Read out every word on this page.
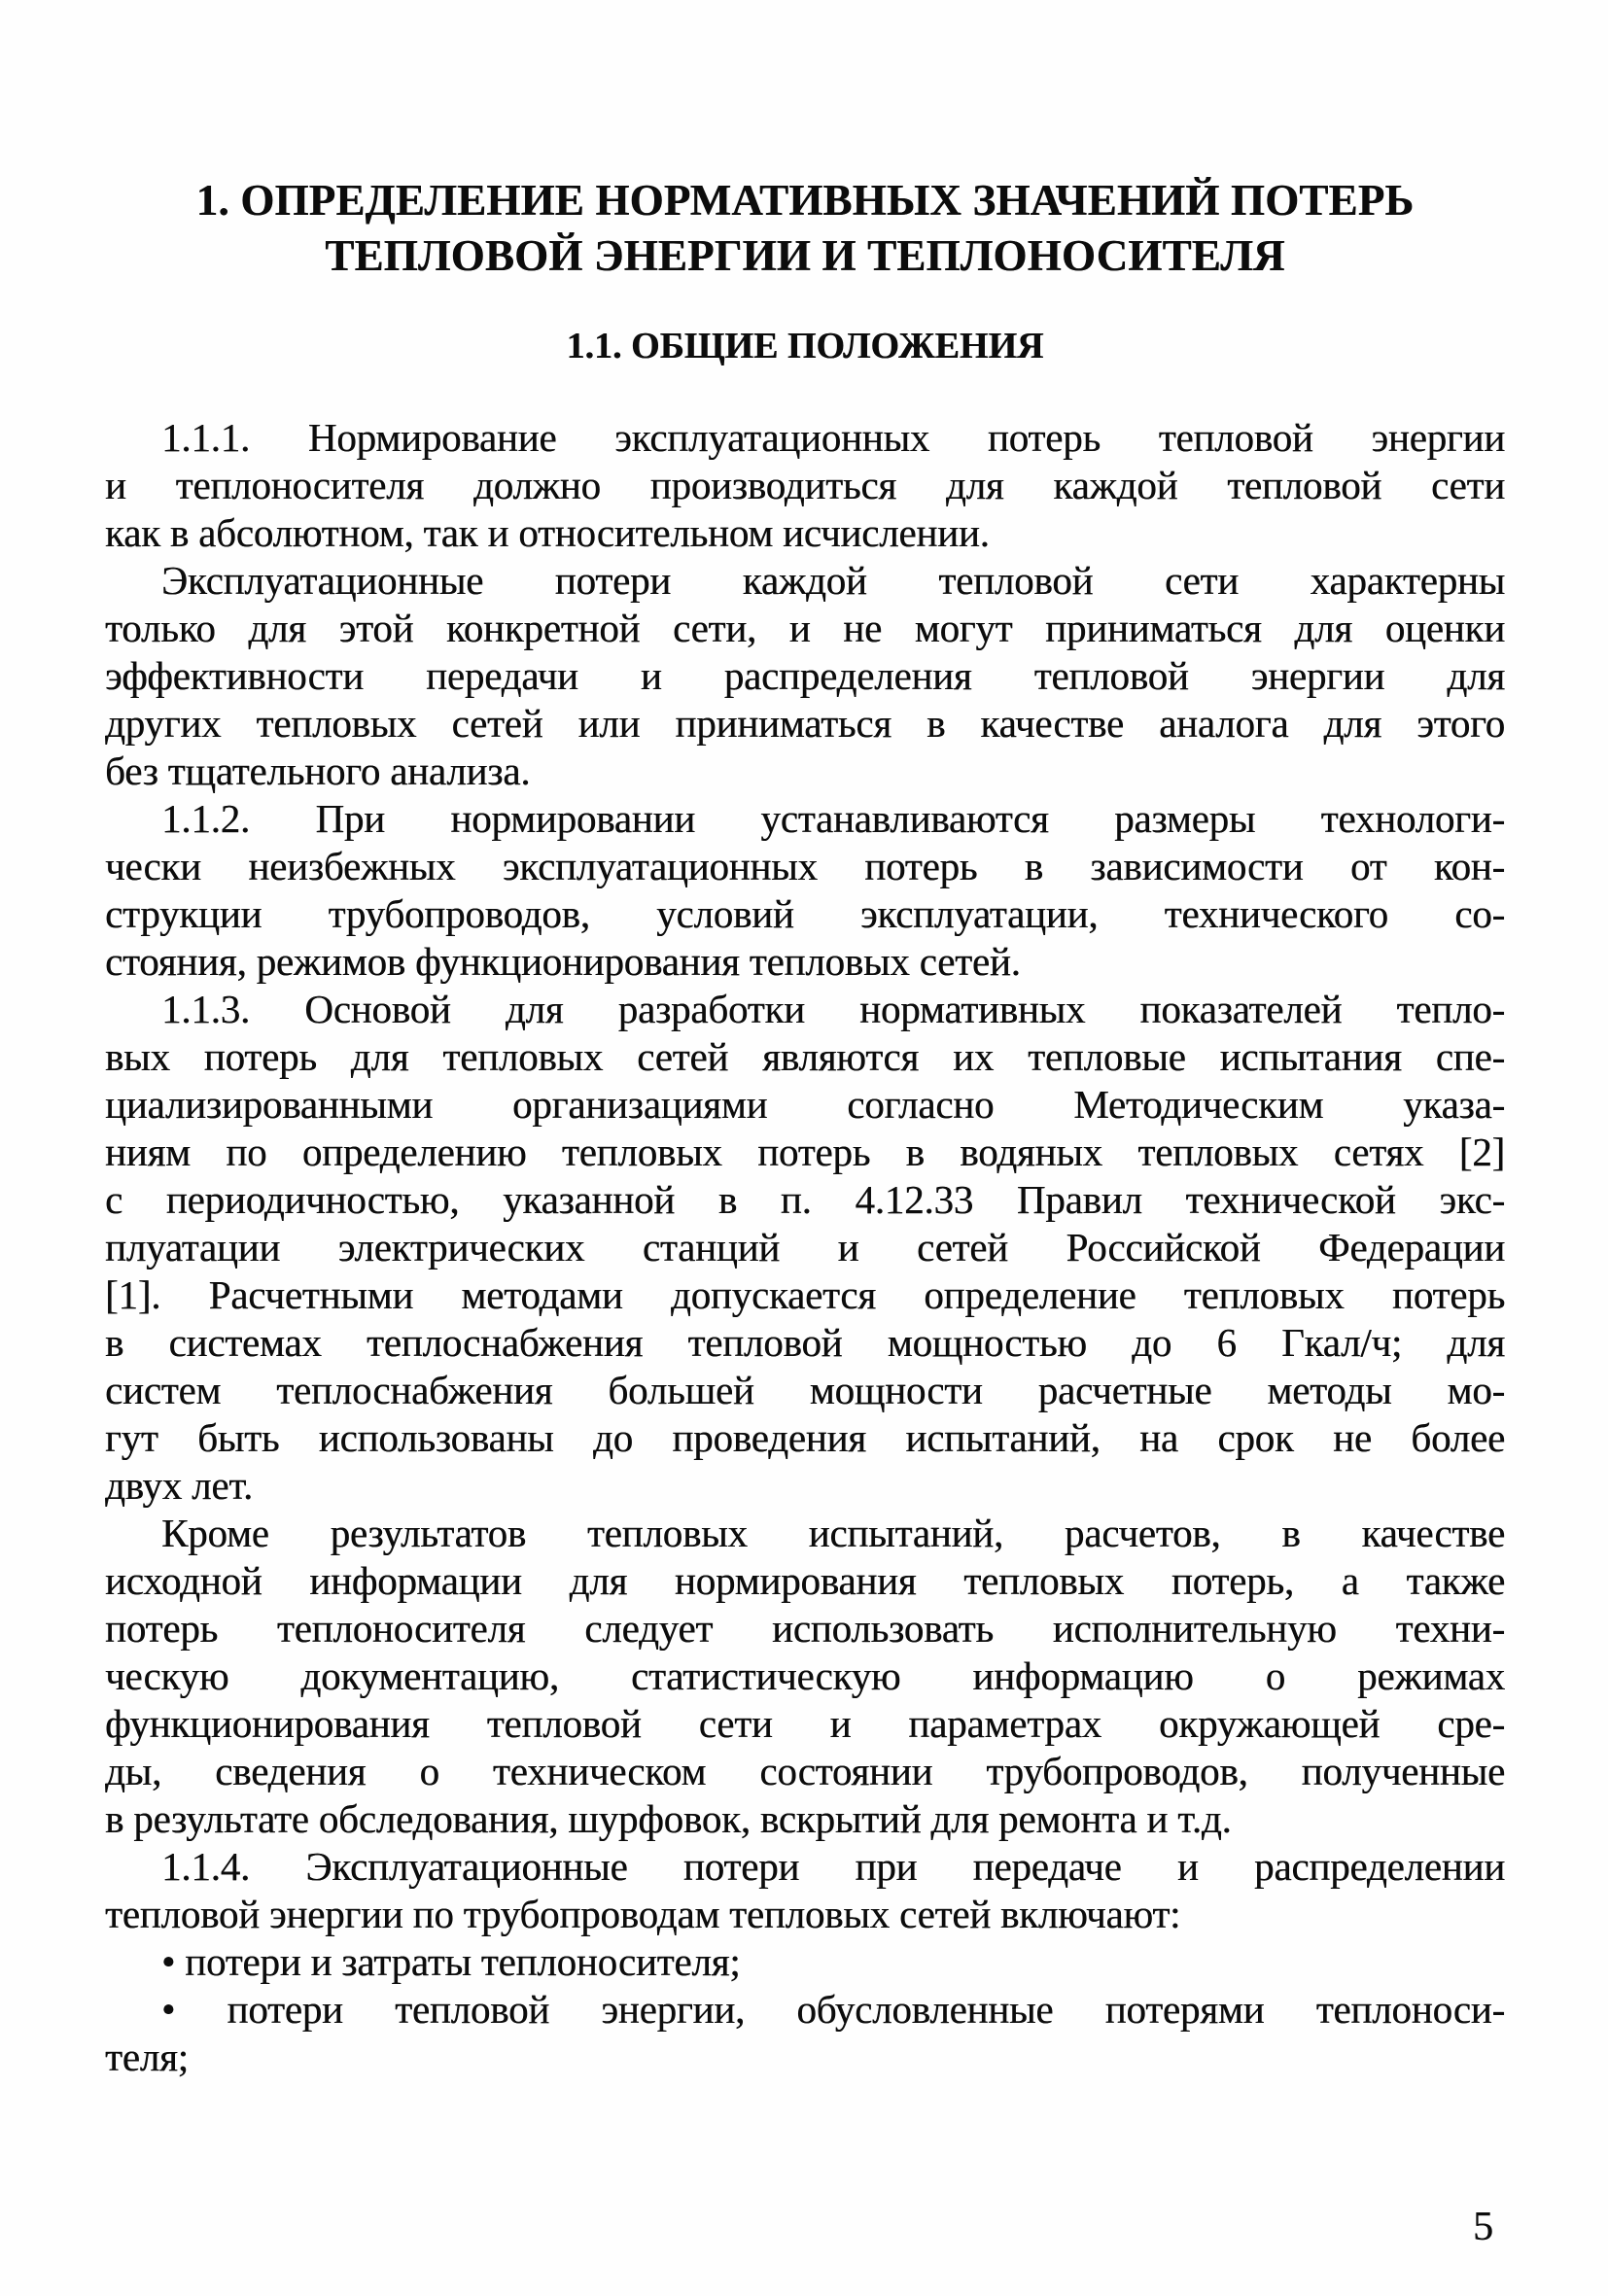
1. ОПРЕДЕЛЕНИЕ НОРМАТИВНЫХ ЗНАЧЕНИЙ ПОТЕРЬ
ТЕПЛОВОЙ ЭНЕРГИИ И ТЕПЛОНОСИТЕЛЯ
1.1. ОБЩИЕ ПОЛОЖЕНИЯ
1.1.1. Нормирование эксплуатационных потерь тепловой энергии
и теплоносителя должно производиться для каждой тепловой сети
как в абсолютном, так и относительном исчислении.
Эксплуатационные потери каждой тепловой сети характерны
только для этой конкретной сети, и не могут приниматься для оценки
эффективности передачи и распределения тепловой энергии для
других тепловых сетей или приниматься в качестве аналога для этого
без тщательного анализа.
1.1.2. При нормировании устанавливаются размеры технологи-
чески неизбежных эксплуатационных потерь в зависимости от кон-
струкции трубопроводов, условий эксплуатации, технического со-
стояния, режимов функционирования тепловых сетей.
1.1.3. Основой для разработки нормативных показателей тепло-
вых потерь для тепловых сетей являются их тепловые испытания спе-
циализированными организациями согласно Методическим указа-
ниям по определению тепловых потерь в водяных тепловых сетях [2]
с периодичностью, указанной в п. 4.12.33 Правил технической экс-
плуатации электрических станций и сетей Российской Федерации
[1]. Расчетными методами допускается определение тепловых потерь
в системах теплоснабжения тепловой мощностью до 6 Гкал/ч; для
систем теплоснабжения большей мощности расчетные методы мо-
гут быть использованы до проведения испытаний, на срок не более
двух лет.
Кроме результатов тепловых испытаний, расчетов, в качестве
исходной информации для нормирования тепловых потерь, а также
потерь теплоносителя следует использовать исполнительную техни-
ческую документацию, статистическую информацию о режимах
функционирования тепловой сети и параметрах окружающей сре-
ды, сведения о техническом состоянии трубопроводов, полученные
в результате обследования, шурфовок, вскрытий для ремонта и т.д.
1.1.4. Эксплуатационные потери при передаче и распределении
тепловой энергии по трубопроводам тепловых сетей включают:
• потери и затраты теплоносителя;
• потери тепловой энергии, обусловленные потерями теплоноси-
теля;
5
